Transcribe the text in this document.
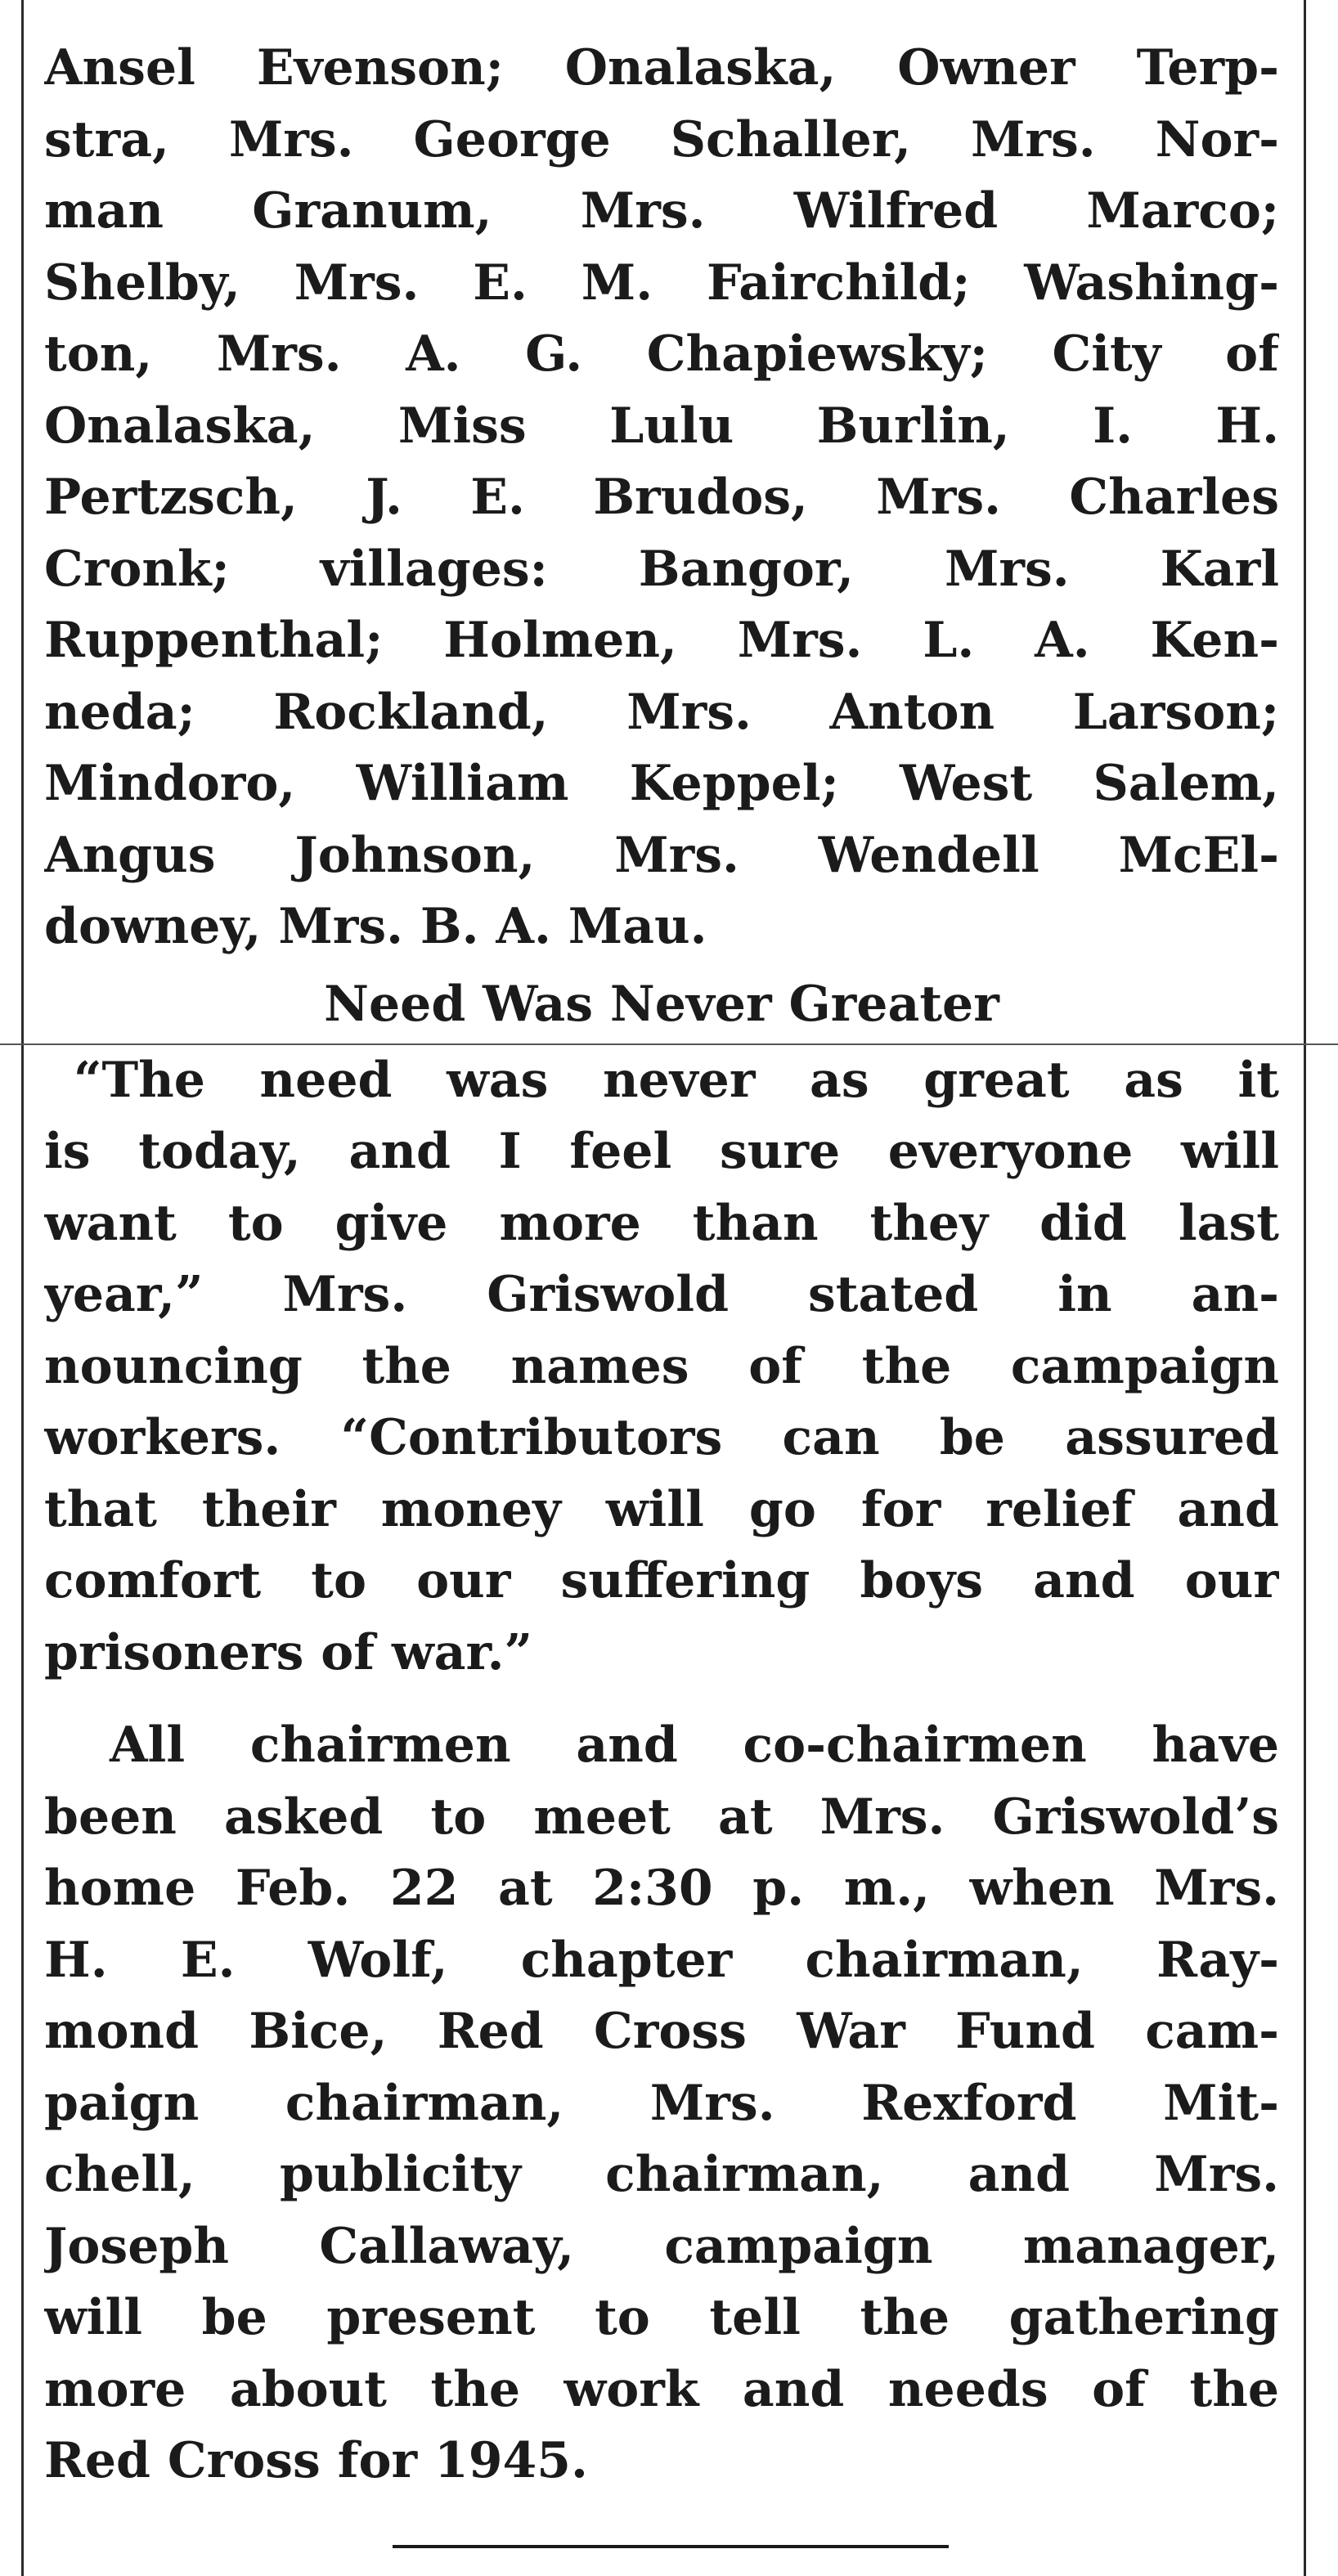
Ansel Evenson; Onalaska, Owner Terp-
stra, Mrs. George Schaller, Mrs. Nor-
man Granum, Mrs. Wilfred Marco;
Shelby, Mrs. E. M. Fairchild; Washing-
ton, Mrs. A. G. Chapiewsky; City of
Onalaska, Miss Lulu Burlin, I. H.
Pertzsch, J. E. Brudos, Mrs. Charles
Cronk; villages: Bangor, Mrs. Karl
Ruppenthal; Holmen, Mrs. L. A. Ken-
neda; Rockland, Mrs. Anton Larson;
Mindoro, William Keppel; West Salem,
Angus Johnson, Mrs. Wendell McEl-
downey, Mrs. B. A. Mau.
Need Was Never Greater
“The need was never as great as it
is today, and I feel sure everyone will
want to give more than they did last
year,” Mrs. Griswold stated in an-
nouncing the names of the campaign
workers. “Contributors can be assured
that their money will go for relief and
comfort to our suffering boys and our
prisoners of war.”
All chairmen and co-chairmen have
been asked to meet at Mrs. Griswold’s
home Feb. 22 at 2:30 p. m., when Mrs.
H. E. Wolf, chapter chairman, Ray-
mond Bice, Red Cross War Fund cam-
paign chairman, Mrs. Rexford Mit-
chell, publicity chairman, and Mrs.
Joseph Callaway, campaign manager,
will be present to tell the gathering
more about the work and needs of the
Red Cross for 1945.
